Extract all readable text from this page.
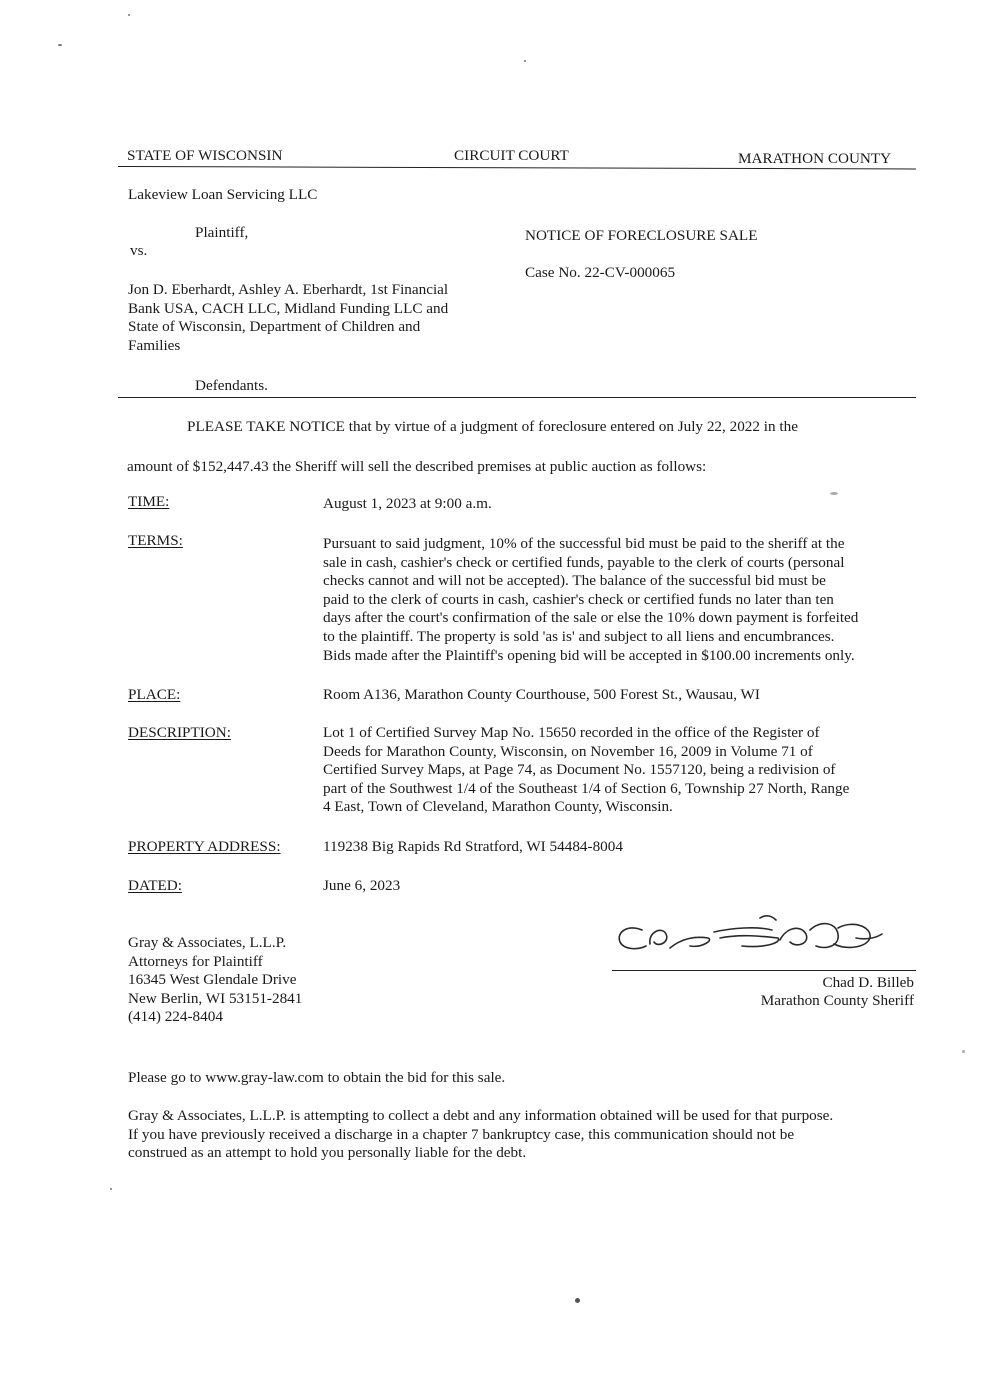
STATE OF WISCONSIN	CIRCUIT COURT	MARATHON COUNTY
Lakeview Loan Servicing LLC
Plaintiff,
vs.
NOTICE OF FORECLOSURE SALE
Case No. 22-CV-000065
Jon D. Eberhardt, Ashley A. Eberhardt, 1st Financial
Bank USA, CACH LLC, Midland Funding LLC and
State of Wisconsin, Department of Children and
Families
Defendants.
PLEASE TAKE NOTICE that by virtue of a judgment of foreclosure entered on July 22, 2022 in the
amount of $152,447.43 the Sheriff will sell the described premises at public auction as follows:
TIME:	August 1, 2023 at 9:00 a.m.
TERMS:	Pursuant to said judgment, 10% of the successful bid must be paid to the sheriff at the
sale in cash, cashier's check or certified funds, payable to the clerk of courts (personal
checks cannot and will not be accepted). The balance of the successful bid must be
paid to the clerk of courts in cash, cashier's check or certified funds no later than ten
days after the court's confirmation of the sale or else the 10% down payment is forfeited
to the plaintiff. The property is sold 'as is' and subject to all liens and encumbrances.
Bids made after the Plaintiff's opening bid will be accepted in $100.00 increments only.
PLACE:	Room A136, Marathon County Courthouse, 500 Forest St., Wausau, WI
DESCRIPTION:	Lot 1 of Certified Survey Map No. 15650 recorded in the office of the Register of
Deeds for Marathon County, Wisconsin, on November 16, 2009 in Volume 71 of
Certified Survey Maps, at Page 74, as Document No. 1557120, being a redivision of
part of the Southwest 1/4 of the Southeast 1/4 of Section 6, Township 27 North, Range
4 East, Town of Cleveland, Marathon County, Wisconsin.
PROPERTY ADDRESS:	119238 Big Rapids Rd Stratford, WI 54484-8004
DATED:	June 6, 2023
Gray & Associates, L.L.P.
Attorneys for Plaintiff
16345 West Glendale Drive
New Berlin, WI 53151-2841
(414) 224-8404
Chad D. Billeb
Marathon County Sheriff
Please go to www.gray-law.com to obtain the bid for this sale.
Gray & Associates, L.L.P. is attempting to collect a debt and any information obtained will be used for that purpose.
If you have previously received a discharge in a chapter 7 bankruptcy case, this communication should not be
construed as an attempt to hold you personally liable for the debt.
